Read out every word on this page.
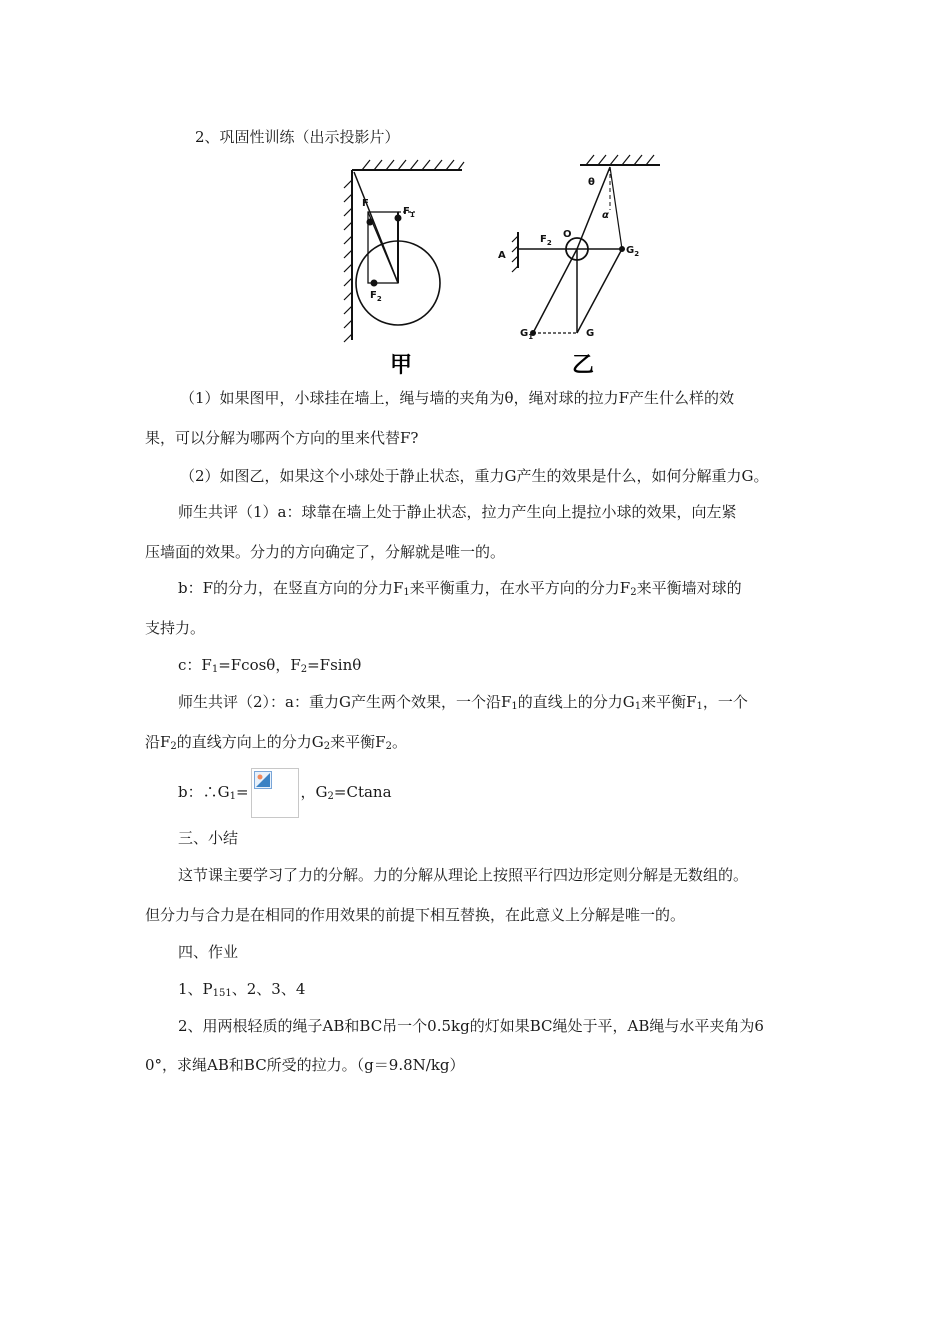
2、巩固性训练（出示投影片）
F
$F_1$
$F_2$
θ
α
O
A
$F_2$
$G_2$
$G_1$	G
甲	乙
（1）如果图甲，小球挂在墙上，绳与墙的夹角为θ，绳对球的拉力F产生什么样的效
果，可以分解为哪两个方向的里来代替F?
（2）如图乙，如果这个小球处于静止状态，重力G产生的效果是什么，如何分解重力G。
师生共评（1）a：球靠在墙上处于静止状态，拉力产生向上提拉小球的效果，向左紧
压墙面的效果。分力的方向确定了，分解就是唯一的。
b：F的分力，在竖直方向的分力$F_1$来平衡重力，在水平方向的分力$F_2$来平衡墙对球的
支持力。
c：$F_1=Fcos\theta$，$F_2=Fsin\theta$
师生共评（2）：a：重力G产生两个效果，一个沿$F_1$的直线上的分力$G_1$来平衡$F_1$，一个
沿$F_2$的直线方向上的分力$G_2$来平衡$F_2$。
b：$\therefore G_1=$	，$G_2=Ctana$
三、小结
这节课主要学习了力的分解。力的分解从理论上按照平行四边形定则分解是无数组的。
但分力与合力是在相同的作用效果的前提下相互替换，在此意义上分解是唯一的。
四、作业
1、$P_{151}$、2、3、4
2、用两根轻质的绳子AB和BC吊一个0.5kg的灯如果BC绳处于平，AB绳与水平夹角为6
0°，求绳AB和BC所受的拉力。（g＝9.8N/kg）
